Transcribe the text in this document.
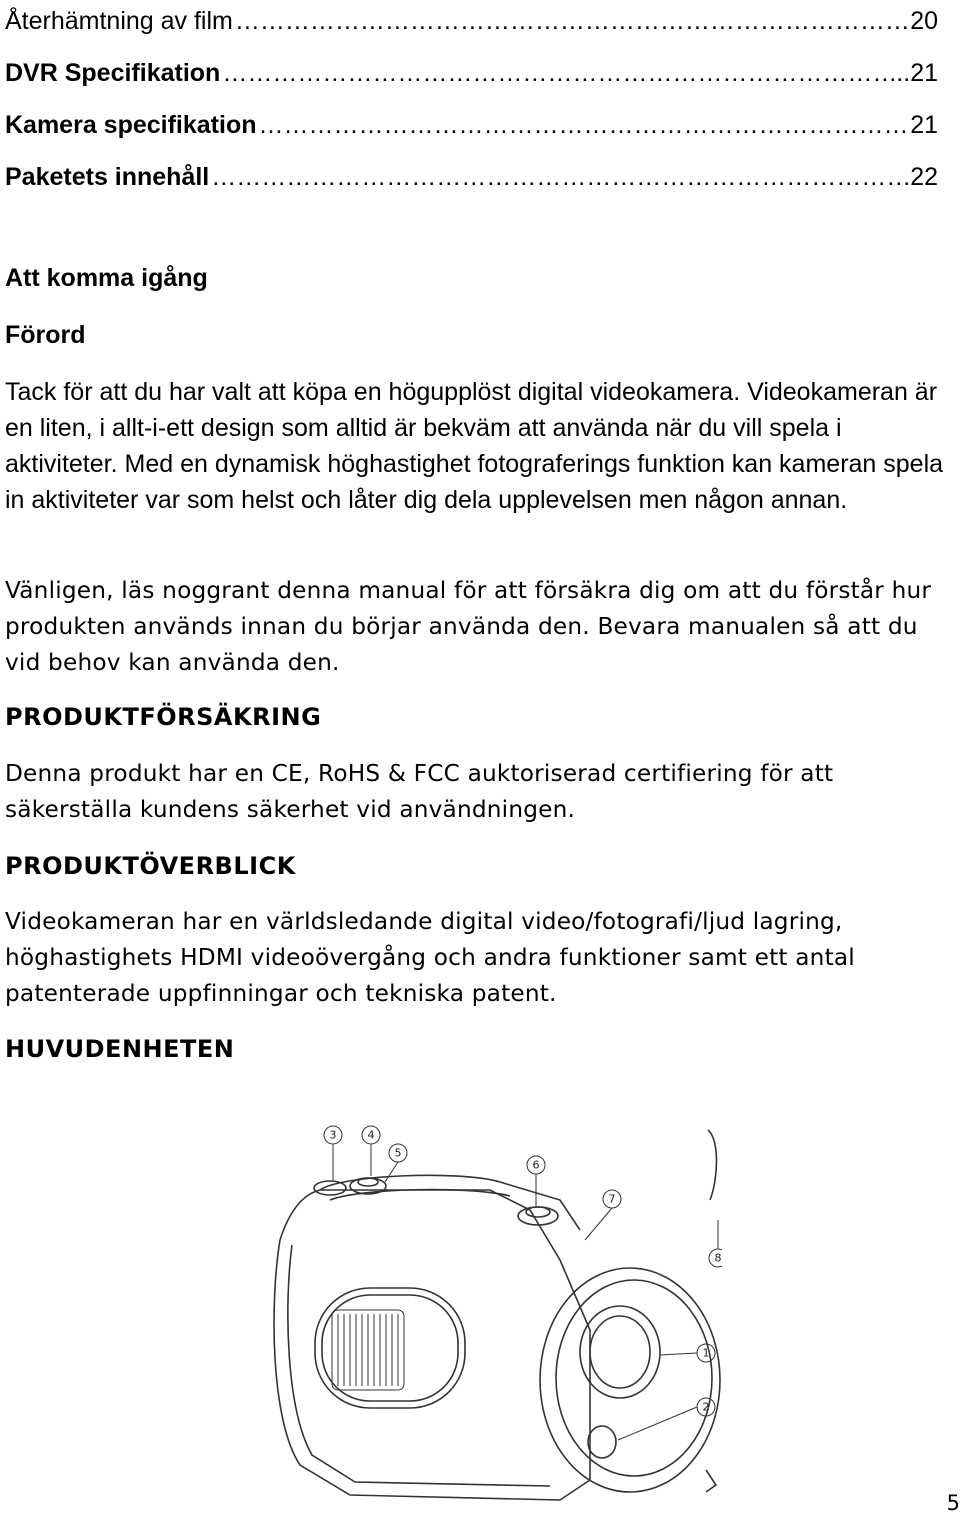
Återhämtning av film …………………………………………………………………………………………………………………………………………………………………………………………………	20
DVR Specifikation …………………………………………………………………………………………………………………………………………………………………………………………………	..21
Kamera specifikation …………………………………………………………………………………………………………………………………………………………………………………………………	21
Paketets innehåll …………………………………………………………………………………………………………………………………………………………………………………………………	22
Att komma igång
Förord
Tack för att du har valt att köpa en högupplöst digital videokamera. Videokameran är en liten, i allt-i-ett design som alltid är bekväm att använda när du vill spela i aktiviteter. Med en dynamisk höghastighet fotograferings funktion kan kameran spela in aktiviteter var som helst och låter dig dela upplevelsen men någon annan.
Vänligen, läs noggrant denna manual för att försäkra dig om att du förstår hur produkten används innan du börjar använda den. Bevara manualen så att du vid behov kan använda den.
PRODUKTFÖRSÄKRING
Denna produkt har en CE, RoHS & FCC auktoriserad certifiering för att säkerställa kundens säkerhet vid användningen.
PRODUKTÖVERBLICK
Videokameran har en världsledande digital video/fotografi/ljud lagring, höghastighets HDMI videoövergång och andra funktioner samt ett antal patenterade uppfinningar och tekniska patent.
HUVUDENHETEN
3	4
5
6
7
8
1
2
5
